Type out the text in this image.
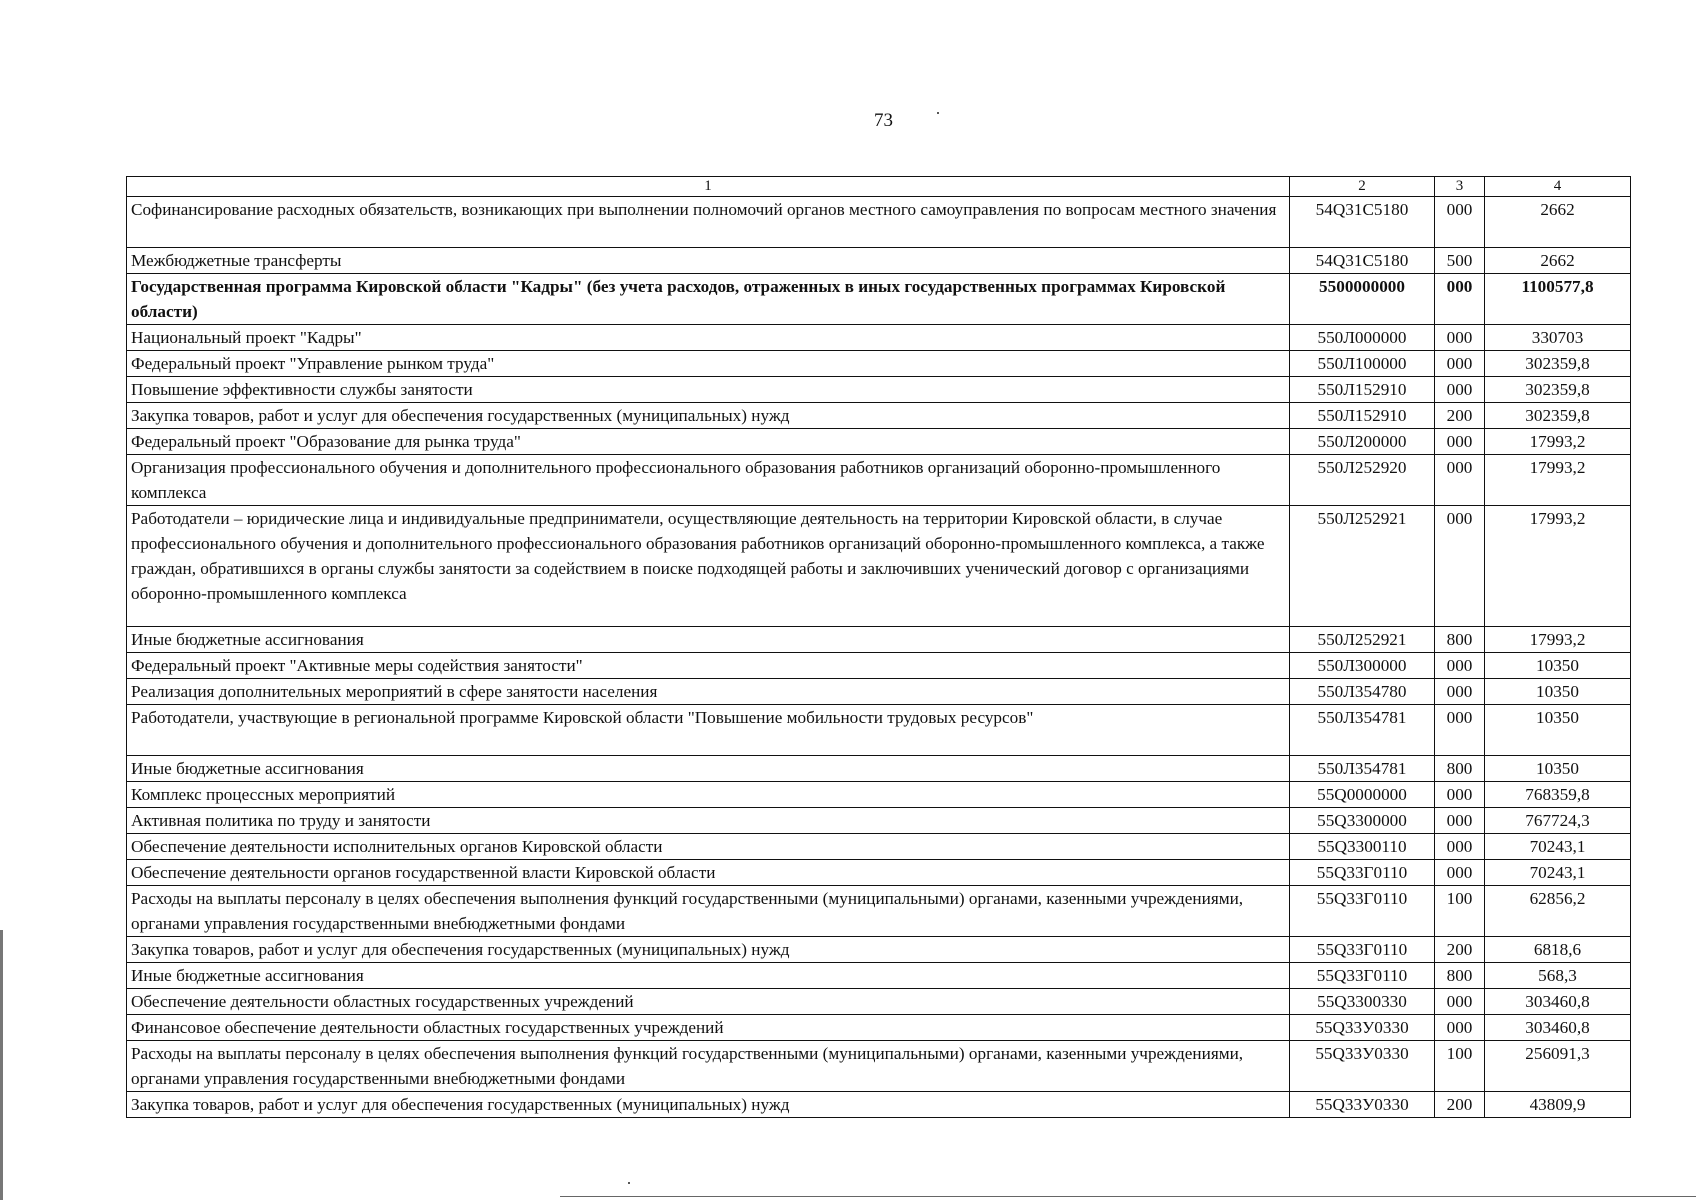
73
1	2	3	4
Софинансирование расходных обязательств, возникающих при выполнении полномочий органов местного самоуправления по вопросам местного значения	54Q31C5180	000	2662
Межбюджетные трансферты	54Q31C5180	500	2662
Государственная программа Кировской области "Кадры" (без учета расходов, отраженных в иных государственных программах Кировской области)	5500000000	000	1100577,8
Национальный проект "Кадры"	550Л000000	000	330703
Федеральный проект "Управление рынком труда"	550Л100000	000	302359,8
Повышение эффективности службы занятости	550Л152910	000	302359,8
Закупка товаров, работ и услуг для обеспечения государственных (муниципальных) нужд	550Л152910	200	302359,8
Федеральный проект "Образование для рынка труда"	550Л200000	000	17993,2
Организация профессионального обучения и дополнительного профессионального образования работников организаций оборонно-промышленного комплекса	550Л252920	000	17993,2
Работодатели – юридические лица и индивидуальные предприниматели, осуществляющие деятельность на территории Кировской области, в случае профессионального обучения и дополнительного профессионального образования работников организаций оборонно-промышленного комплекса, а также граждан, обратившихся в органы службы занятости за содействием в поиске подходящей работы и заключивших ученический договор с организациями оборонно-промышленного комплекса	550Л252921	000	17993,2
Иные бюджетные ассигнования	550Л252921	800	17993,2
Федеральный проект "Активные меры содействия занятости"	550Л300000	000	10350
Реализация дополнительных мероприятий в сфере занятости населения	550Л354780	000	10350
Работодатели, участвующие в региональной программе Кировской области "Повышение мобильности трудовых ресурсов"	550Л354781	000	10350
Иные бюджетные ассигнования	550Л354781	800	10350
Комплекс процессных мероприятий	55Q0000000	000	768359,8
Активная политика по труду и занятости	55Q3300000	000	767724,3
Обеспечение деятельности исполнительных органов Кировской области	55Q3300110	000	70243,1
Обеспечение деятельности органов государственной власти Кировской области	55Q33Г0110	000	70243,1
Расходы на выплаты персоналу в целях обеспечения выполнения функций государственными (муниципальными) органами, казенными учреждениями, органами управления государственными внебюджетными фондами	55Q33Г0110	100	62856,2
Закупка товаров, работ и услуг для обеспечения государственных (муниципальных) нужд	55Q33Г0110	200	6818,6
Иные бюджетные ассигнования	55Q33Г0110	800	568,3
Обеспечение деятельности областных государственных учреждений	55Q3300330	000	303460,8
Финансовое обеспечение деятельности областных государственных учреждений	55Q33У0330	000	303460,8
Расходы на выплаты персоналу в целях обеспечения выполнения функций государственными (муниципальными) органами, казенными учреждениями, органами управления государственными внебюджетными фондами	55Q33У0330	100	256091,3
Закупка товаров, работ и услуг для обеспечения государственных (муниципальных) нужд	55Q33У0330	200	43809,9
